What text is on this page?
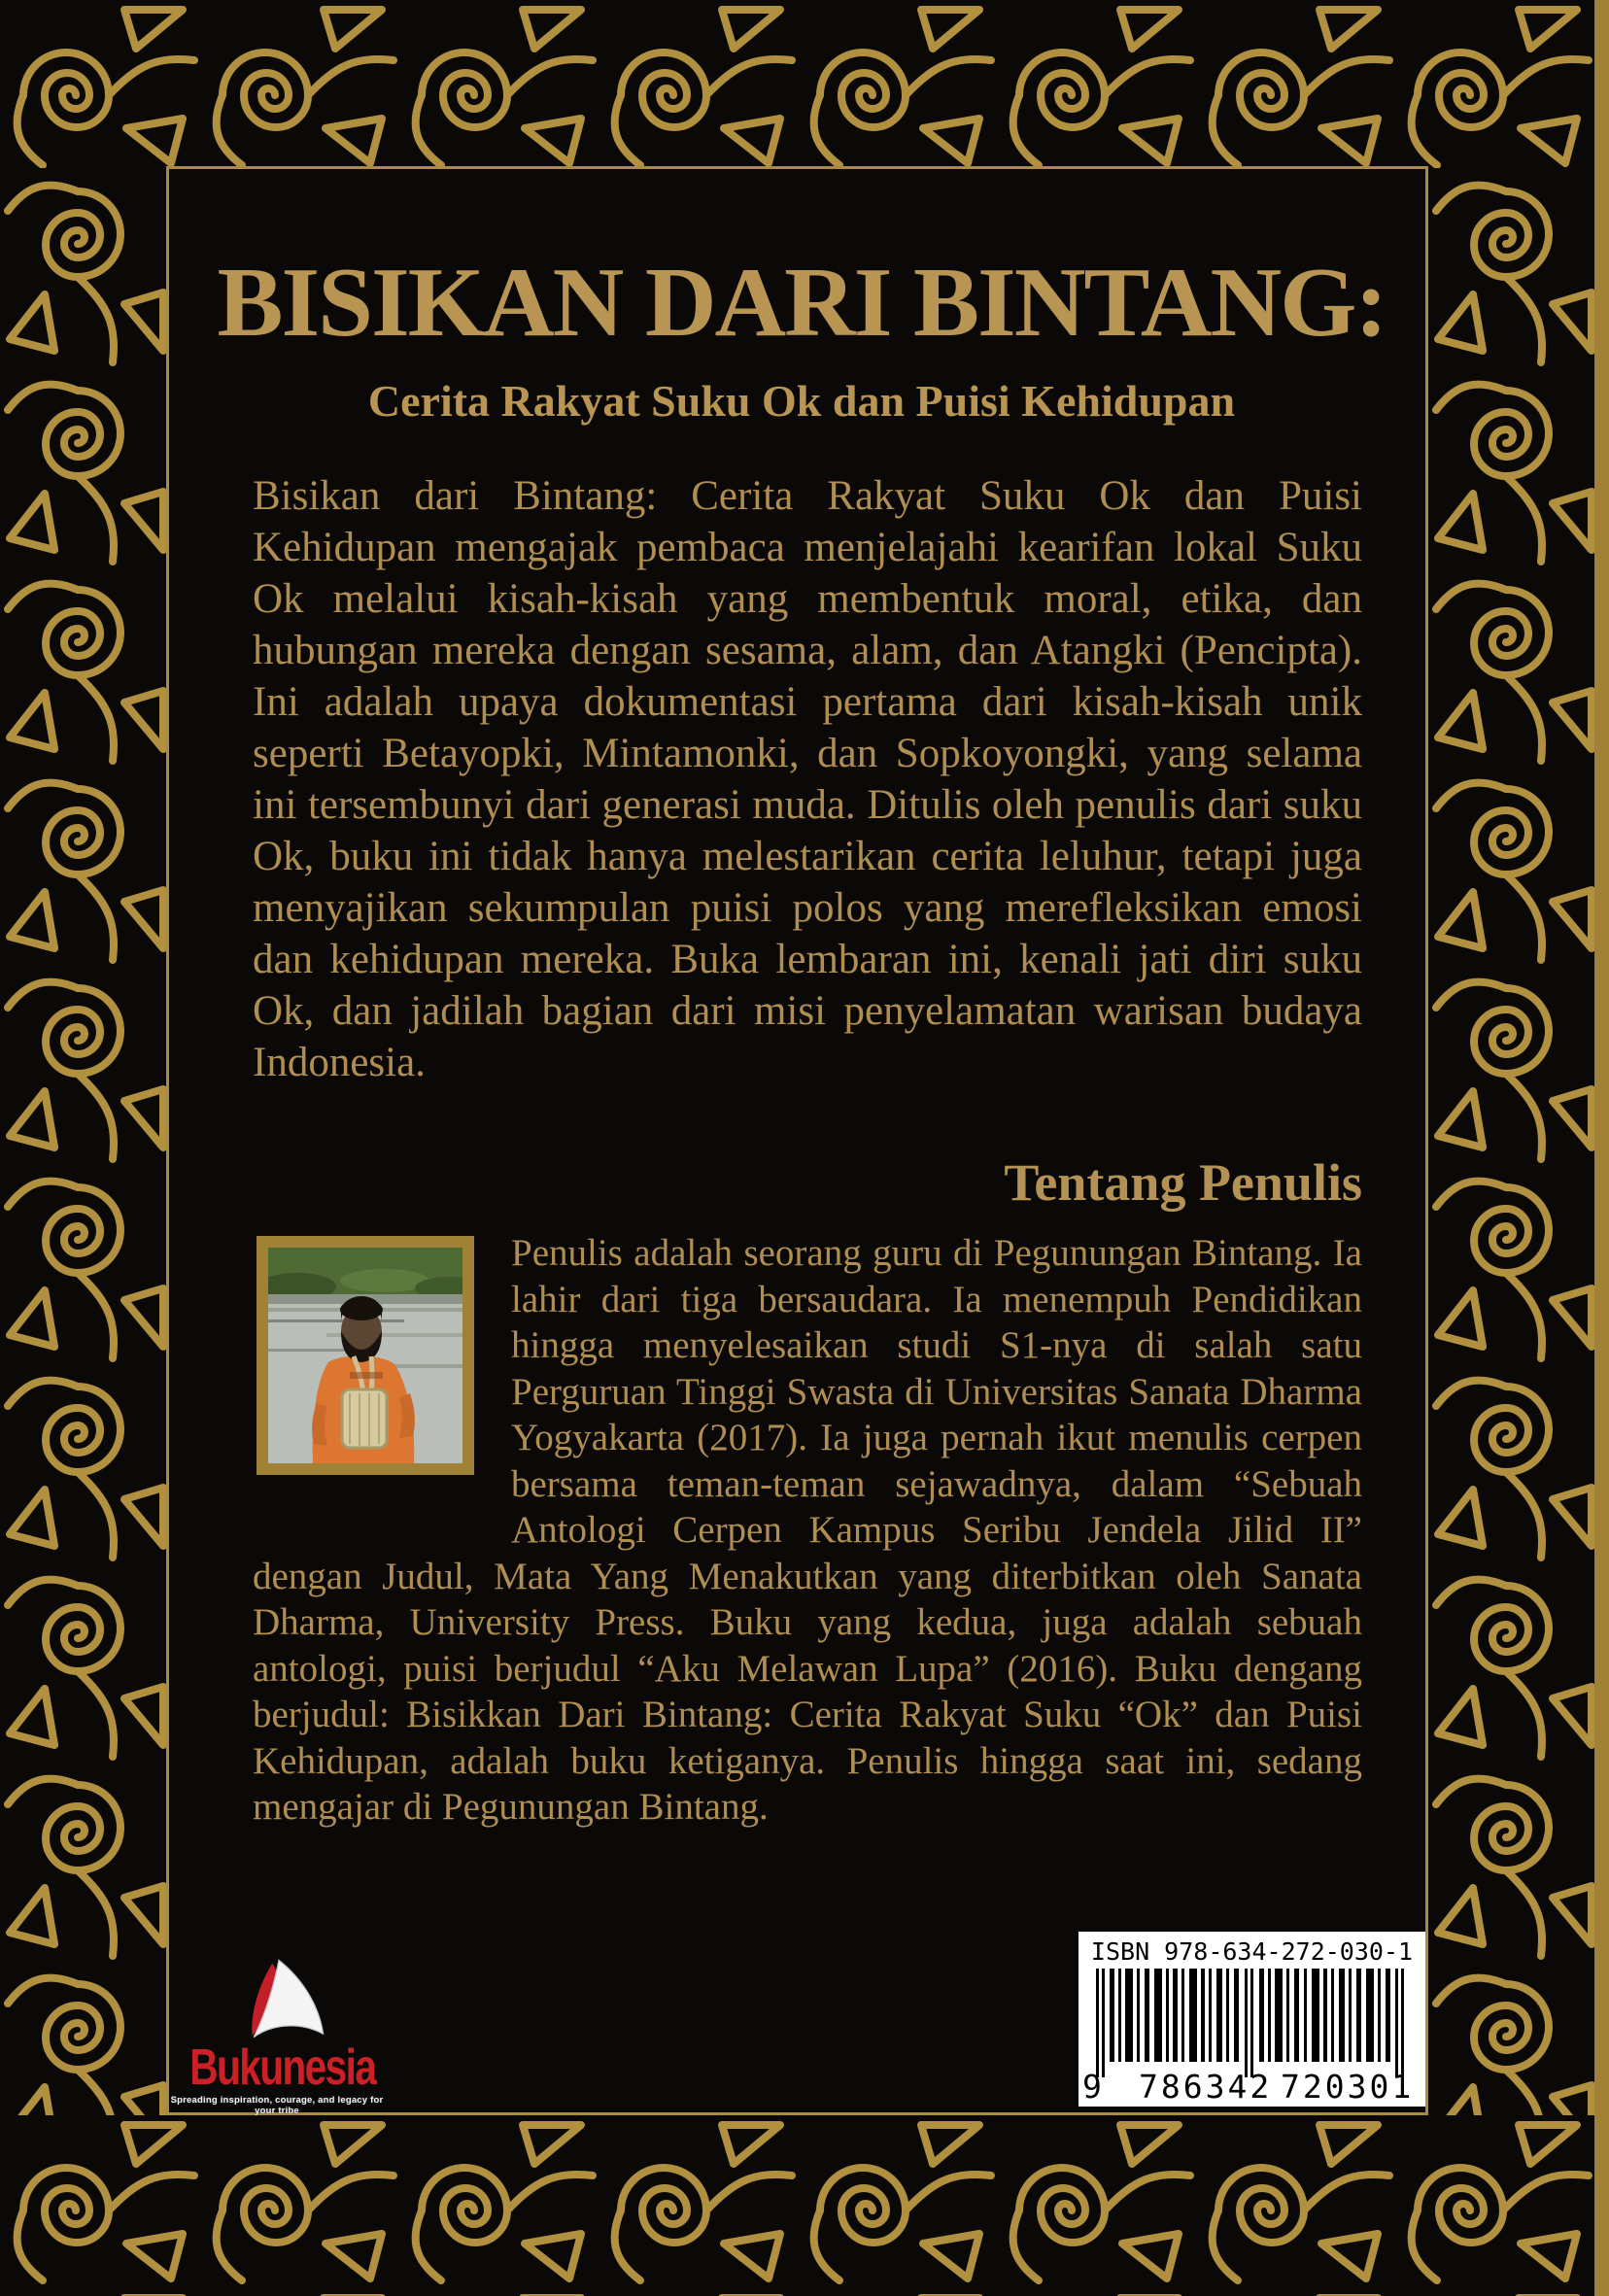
BISIKAN DARI BINTANG:
Cerita Rakyat Suku Ok dan Puisi Kehidupan

Bisikan dari Bintang: Cerita Rakyat Suku Ok dan Puisi Kehidupan mengajak pembaca menjelajahi kearifan lokal Suku Ok melalui kisah-kisah yang membentuk moral, etika, dan hubungan mereka dengan sesama, alam, dan Atangki (Pencipta). Ini adalah upaya dokumentasi pertama dari kisah-kisah unik seperti Betayopki, Mintamonki, dan Sopkoyongki, yang selama ini tersembunyi dari generasi muda. Ditulis oleh penulis dari suku Ok, buku ini tidak hanya melestarikan cerita leluhur, tetapi juga menyajikan sekumpulan puisi polos yang merefleksikan emosi dan kehidupan mereka. Buka lembaran ini, kenali jati diri suku Ok, dan jadilah bagian dari misi penyelamatan warisan budaya Indonesia.

Tentang Penulis
Penulis adalah seorang guru di Pegunungan Bintang. Ia lahir dari tiga bersaudara. Ia menempuh Pendidikan hingga menyelesaikan studi S1-nya di salah satu Perguruan Tinggi Swasta di Universitas Sanata Dharma Yogyakarta (2017). Ia juga pernah ikut menulis cerpen bersama teman-teman sejawadnya, dalam “Sebuah Antologi Cerpen Kampus Seribu Jendela Jilid II” dengan Judul, Mata Yang Menakutkan yang diterbitkan oleh Sanata Dharma, University Press. Buku yang kedua, juga adalah sebuah antologi, puisi berjudul “Aku Melawan Lupa” (2016). Buku dengang berjudul: Bisikkan Dari Bintang: Cerita Rakyat Suku “Ok” dan Puisi Kehidupan, adalah buku ketiganya. Penulis hingga saat ini, sedang mengajar di Pegunungan Bintang.
Bukunesia
Spreading inspiration, courage, and legacy for your tribe
ISBN 978-634-272-030-1
9 786342 720301
